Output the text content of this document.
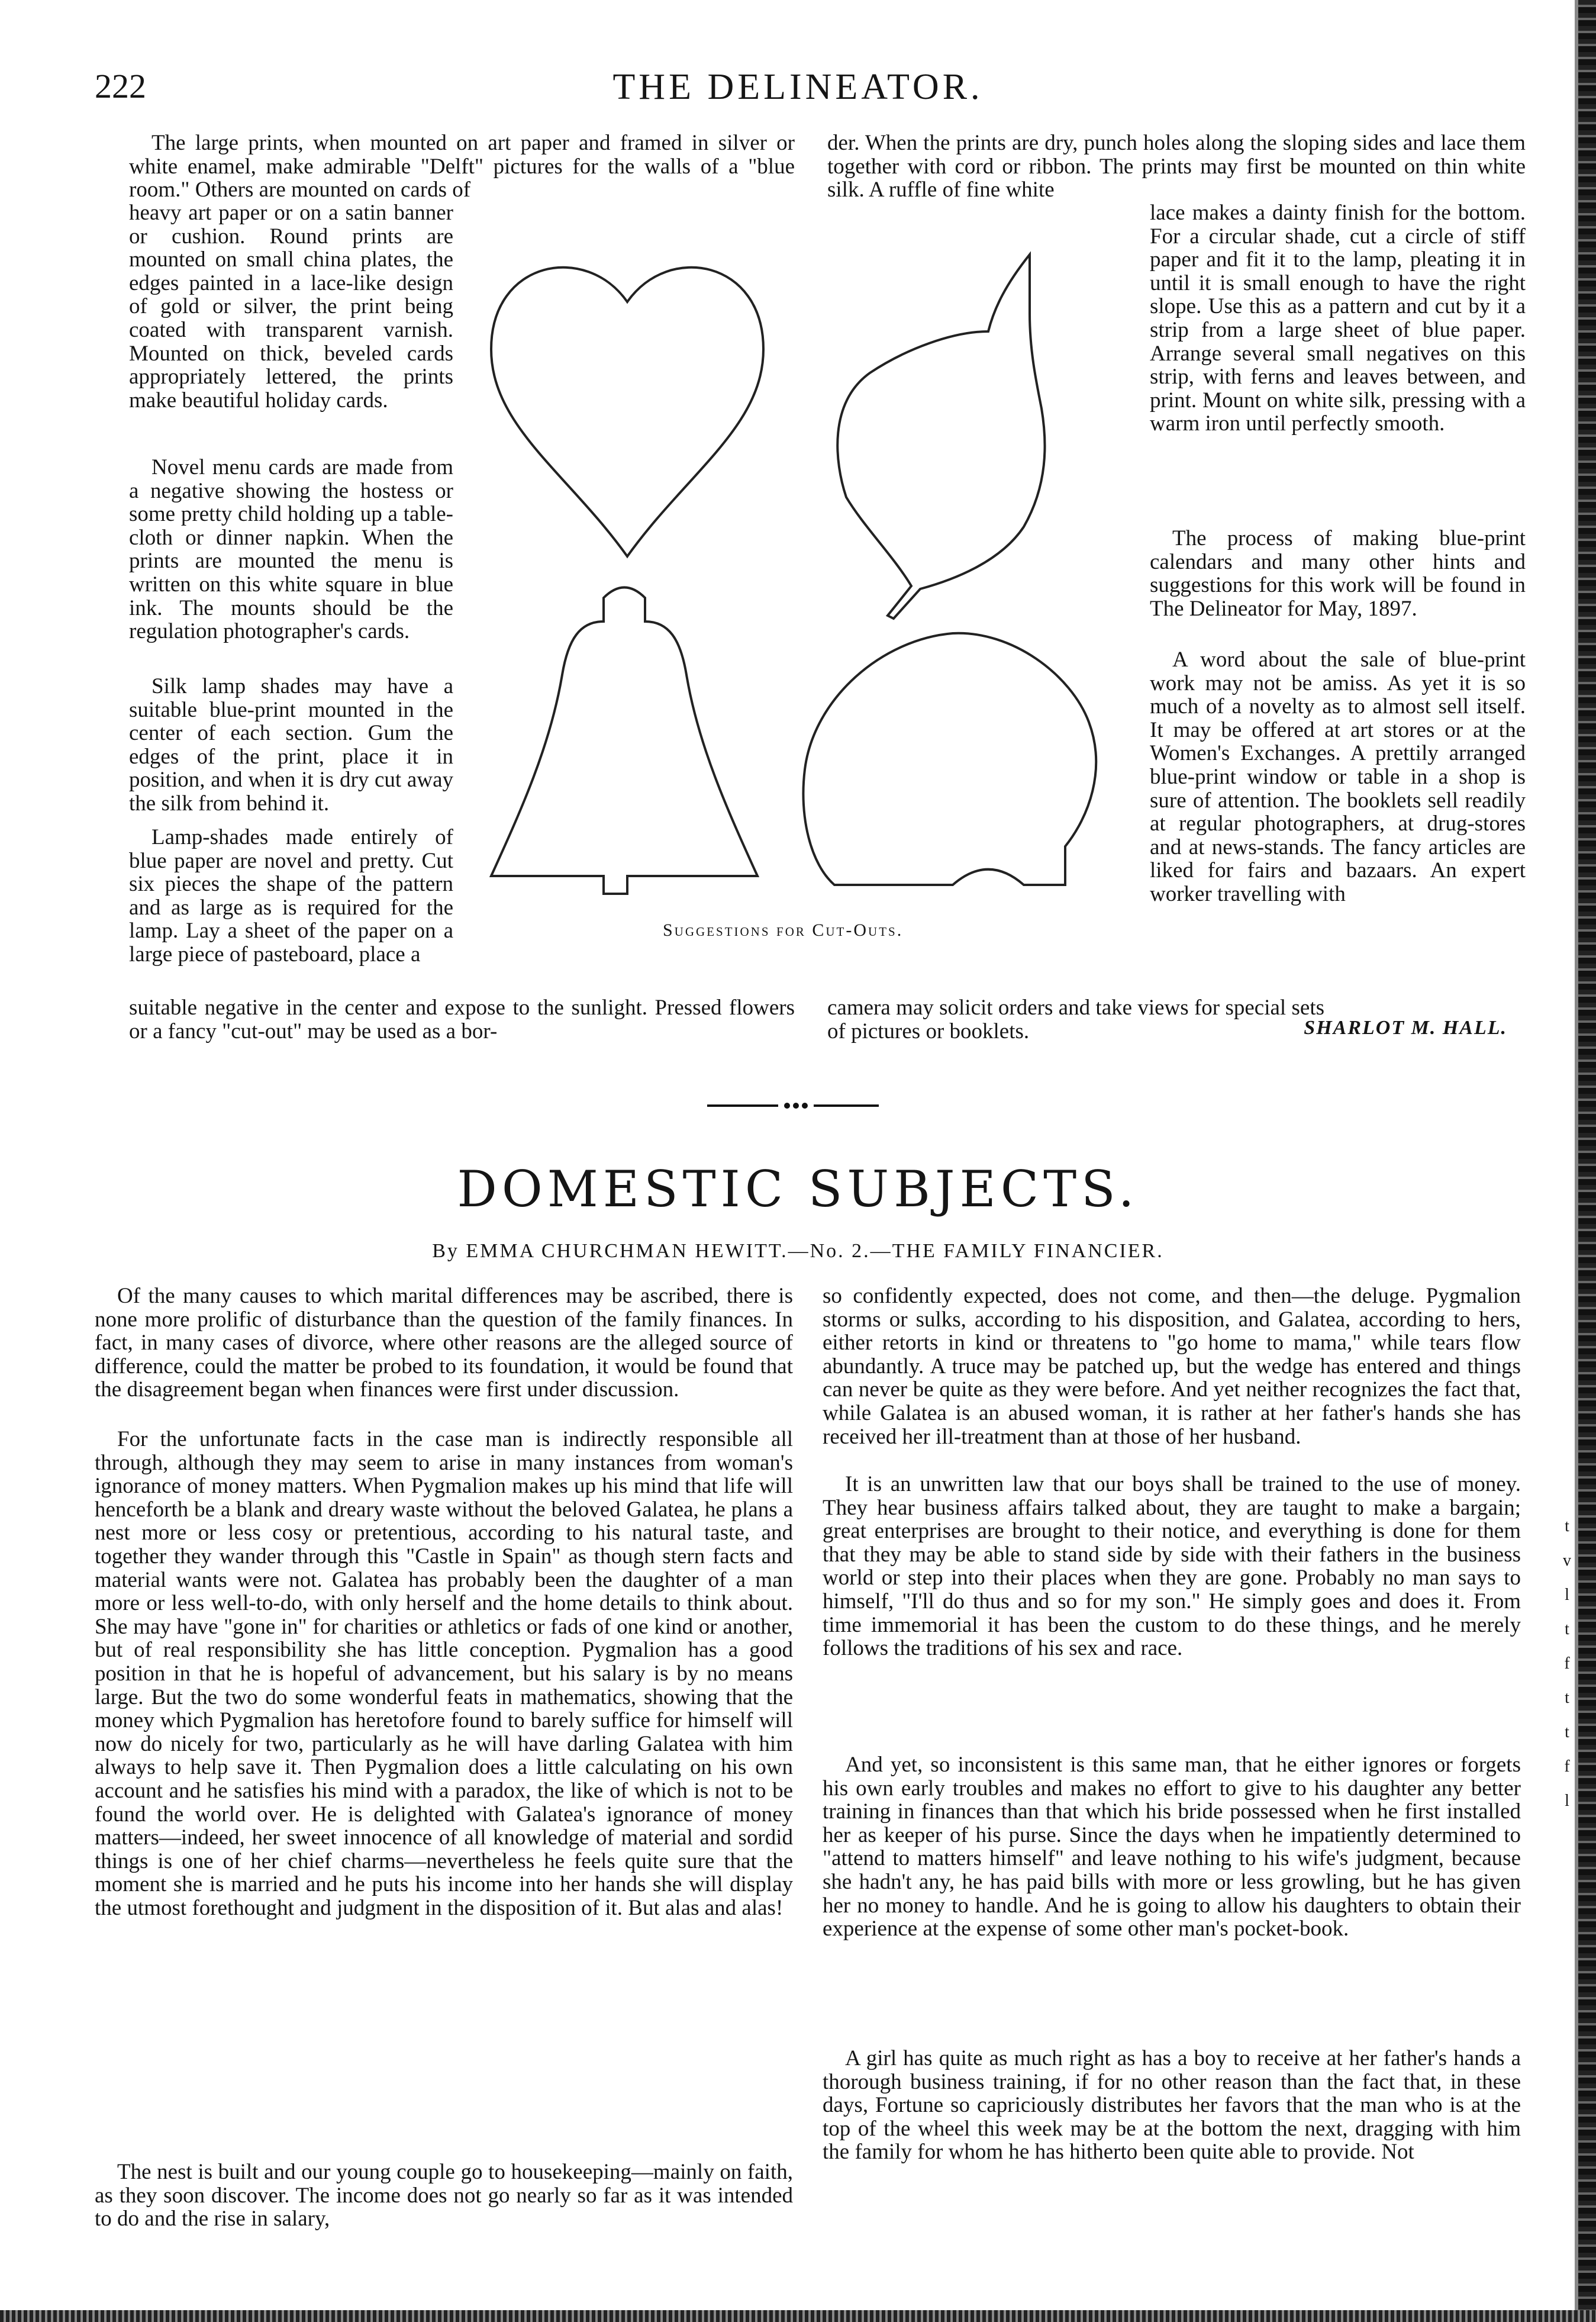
222	THE DELINEATOR.

The large prints, when mounted on art paper and framed in silver or white enamel, make admirable "Delft" pictures for the walls of a "blue room." Others are mounted on cards of

heavy art paper or on a satin banner or cushion. Round prints are mounted on small china plates, the edges painted in a lace-like design of gold or silver, the print being coated with transparent varnish. Mounted on thick, beveled cards appropriately lettered, the prints make beautiful holiday cards.

Novel menu cards are made from a negative showing the hostess or some pretty child holding up a table-cloth or dinner napkin. When the prints are mounted the menu is written on this white square in blue ink. The mounts should be the regulation photographer's cards.

Silk lamp shades may have a suitable blue-print mounted in the center of each section. Gum the edges of the print, place it in position, and when it is dry cut away the silk from behind it.

Lamp-shades made entirely of blue paper are novel and pretty. Cut six pieces the shape of the pattern and as large as is required for the lamp. Lay a sheet of the paper on a large piece of pasteboard, place a

suitable negative in the center and expose to the sunlight. Pressed flowers or a fancy "cut-out" may be used as a bor-

der. When the prints are dry, punch holes along the sloping sides and lace them together with cord or ribbon. The prints may first be mounted on thin white silk. A ruffle of fine white

lace makes a dainty finish for the bottom. For a circular shade, cut a circle of stiff paper and fit it to the lamp, pleating it in until it is small enough to have the right slope. Use this as a pattern and cut by it a strip from a large sheet of blue paper. Arrange several small negatives on this strip, with ferns and leaves between, and print. Mount on white silk, pressing with a warm iron until perfectly smooth.

The process of making blue-print calendars and many other hints and suggestions for this work will be found in The Delineator for May, 1897.

A word about the sale of blue-print work may not be amiss. As yet it is so much of a novelty as to almost sell itself. It may be offered at art stores or at the Women's Exchanges. A prettily arranged blue-print window or table in a shop is sure of attention. The booklets sell readily at regular photographers, at drug-stores and at news-stands. The fancy articles are liked for fairs and bazaars. An expert worker travelling with

camera may solicit orders and take views for special sets of pictures or booklets.	SHARLOT M. HALL.
Suggestions for Cut-Outs.
DOMESTIC SUBJECTS.
By EMMA CHURCHMAN HEWITT.—No. 2.—THE FAMILY FINANCIER.

Of the many causes to which marital differences may be ascribed, there is none more prolific of disturbance than the question of the family finances. In fact, in many cases of divorce, where other reasons are the alleged source of difference, could the matter be probed to its foundation, it would be found that the disagreement began when finances were first under discussion.

For the unfortunate facts in the case man is indirectly responsible all through, although they may seem to arise in many instances from woman's ignorance of money matters. When Pygmalion makes up his mind that life will henceforth be a blank and dreary waste without the beloved Galatea, he plans a nest more or less cosy or pretentious, according to his natural taste, and together they wander through this "Castle in Spain" as though stern facts and material wants were not. Galatea has probably been the daughter of a man more or less well-to-do, with only herself and the home details to think about. She may have "gone in" for charities or athletics or fads of one kind or another, but of real responsibility she has little conception. Pygmalion has a good position in that he is hopeful of advancement, but his salary is by no means large. But the two do some wonderful feats in mathematics, showing that the money which Pygmalion has heretofore found to barely suffice for himself will now do nicely for two, particularly as he will have darling Galatea with him always to help save it. Then Pygmalion does a little calculating on his own account and he satisfies his mind with a paradox, the like of which is not to be found the world over. He is delighted with Galatea's ignorance of money matters—indeed, her sweet innocence of all knowledge of material and sordid things is one of her chief charms—nevertheless he feels quite sure that the moment she is married and he puts his income into her hands she will display the utmost forethought and judgment in the disposition of it. But alas and alas!

The nest is built and our young couple go to housekeeping—mainly on faith, as they soon discover. The income does not go nearly so far as it was intended to do and the rise in salary,

so confidently expected, does not come, and then—the deluge. Pygmalion storms or sulks, according to his disposition, and Galatea, according to hers, either retorts in kind or threatens to "go home to mama," while tears flow abundantly. A truce may be patched up, but the wedge has entered and things can never be quite as they were before. And yet neither recognizes the fact that, while Galatea is an abused woman, it is rather at her father's hands she has received her ill-treatment than at those of her husband.

It is an unwritten law that our boys shall be trained to the use of money. They hear business affairs talked about, they are taught to make a bargain; great enterprises are brought to their notice, and everything is done for them that they may be able to stand side by side with their fathers in the business world or step into their places when they are gone. Probably no man says to himself, "I'll do thus and so for my son." He simply goes and does it. From time immemorial it has been the custom to do these things, and he merely follows the traditions of his sex and race.

And yet, so inconsistent is this same man, that he either ignores or forgets his own early troubles and makes no effort to give to his daughter any better training in finances than that which his bride possessed when he first installed her as keeper of his purse. Since the days when he impatiently determined to "attend to matters himself" and leave nothing to his wife's judgment, because she hadn't any, he has paid bills with more or less growling, but he has given her no money to handle. And he is going to allow his daughters to obtain their experience at the expense of some other man's pocket-book.

A girl has quite as much right as has a boy to receive at her father's hands a thorough business training, if for no other reason than the fact that, in these days, Fortune so capriciously distributes her favors that the man who is at the top of the wheel this week may be at the bottom the next, dragging with him the family for whom he has hitherto been quite able to provide. Not

t
v
l
t
f
t
t
f
l
